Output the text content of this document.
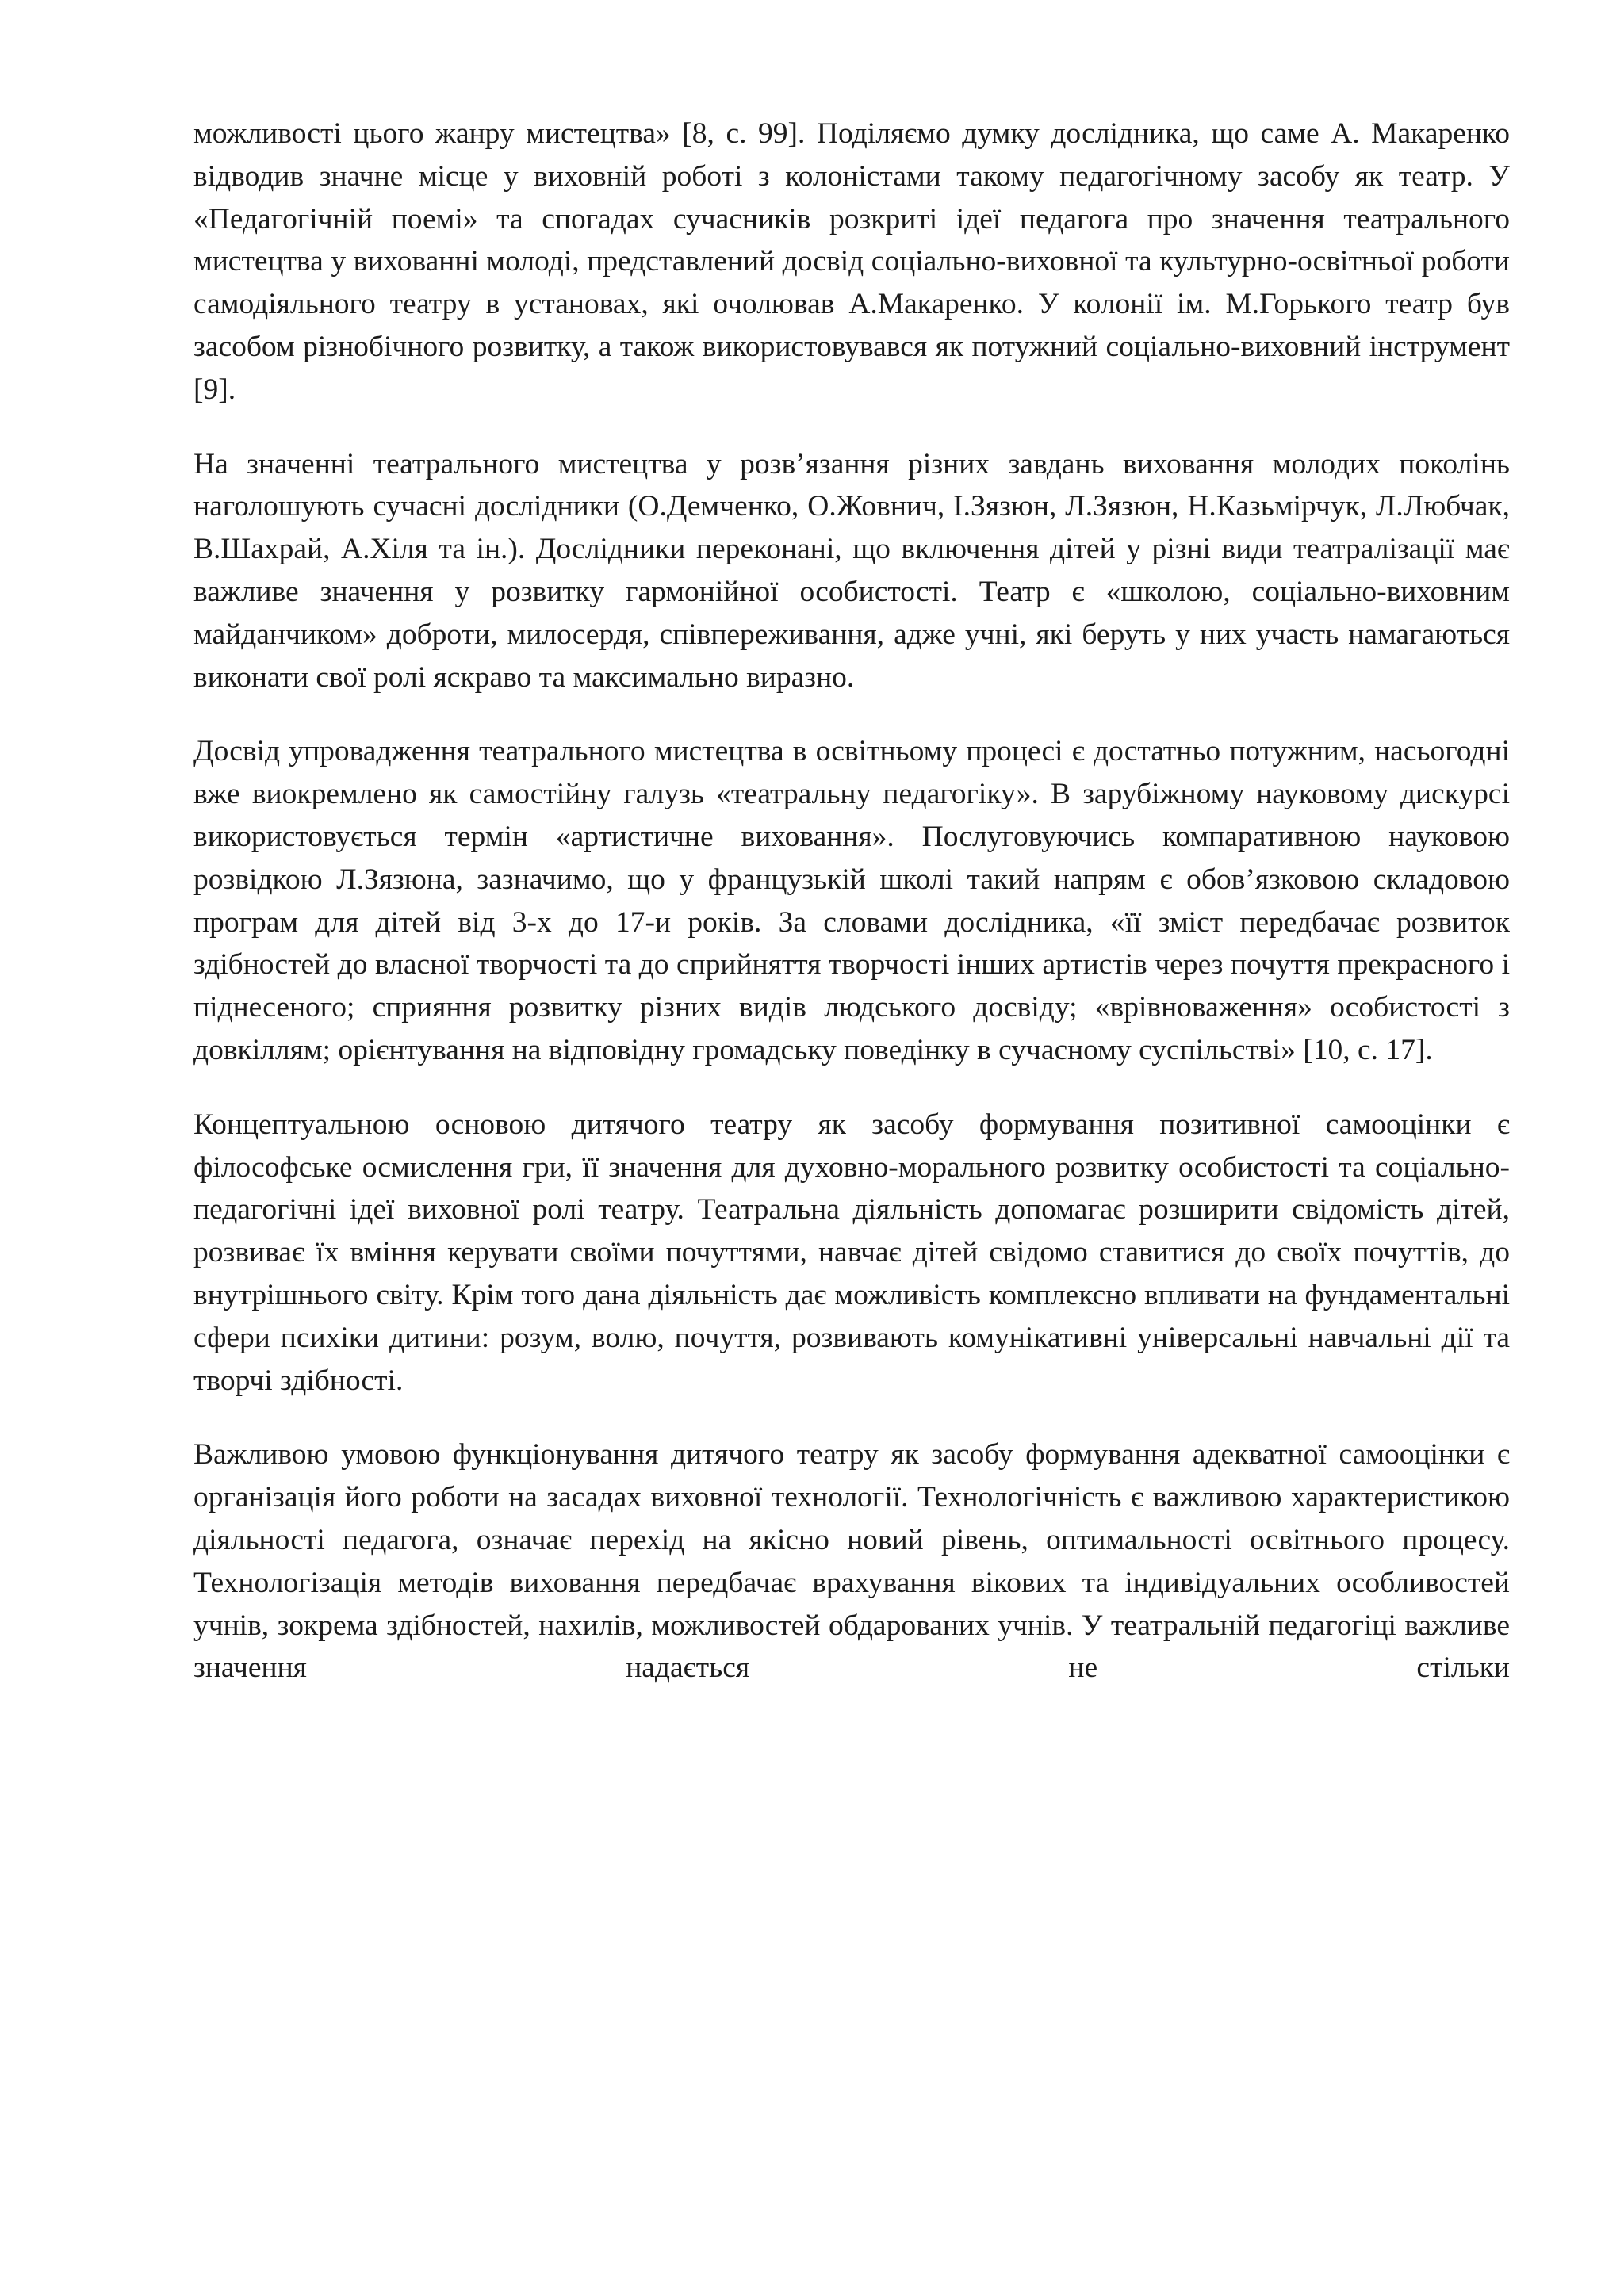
можливості цього жанру мистецтва» [8, с. 99]. Поділяємо думку дослідника, що саме А. Макаренко відводив значне місце у виховній роботі з колоністами такому педагогічному засобу як театр. У «Педагогічній поемі» та спогадах сучасників розкриті ідеї педагога про значення театрального мистецтва у вихованні молоді, представлений досвід соціально-виховної та культурно-освітньої роботи самодіяльного театру в установах, які очолював А.Макаренко. У колонії ім. М.Горького театр був засобом різнобічного розвитку, а також використовувався як потужний соціально-виховний інструмент [9].

На значенні театрального мистецтва у розв’язання різних завдань виховання молодих поколінь наголошують сучасні дослідники (О.Демченко, О.Жовнич, І.Зязюн, Л.Зязюн, Н.Казьмірчук, Л.Любчак, В.Шахрай, А.Хіля та ін.). Дослідники переконані, що включення дітей у різні види театралізації має важливе значення у розвитку гармонійної особистості. Театр є «школою, соціально-виховним майданчиком» доброти, милосердя, співпереживання, адже учні, які беруть у них участь намагаються виконати свої ролі яскраво та максимально виразно.

Досвід упровадження театрального мистецтва в освітньому процесі є достатньо потужним, насьогодні вже виокремлено як самостійну галузь «театральну педагогіку». В зарубіжному науковому дискурсі використовується термін «артистичне виховання». Послуговуючись компаративною науковою розвідкою Л.Зязюна, зазначимо, що у французькій школі такий напрям є обов’язковою складовою програм для дітей від 3-х до 17-и років. За словами дослідника, «її зміст передбачає розвиток здібностей до власної творчості та до сприйняття творчості інших артистів через почуття прекрасного і піднесеного; сприяння розвитку різних видів людського досвіду; «врівноваження» особистості з довкіллям; орієнтування на відповідну громадську поведінку в сучасному суспільстві» [10, с. 17].

Концептуальною основою дитячого театру як засобу формування позитивної самооцінки є філософське осмислення гри, її значення для духовно-морального розвитку особистості та соціально-педагогічні ідеї виховної ролі театру. Театральна діяльність допомагає розширити свідомість дітей, розвиває їх вміння керувати своїми почуттями, навчає дітей свідомо ставитися до своїх почуттів, до внутрішнього світу. Крім того дана діяльність дає можливість комплексно впливати на фундаментальні сфери психіки дитини: розум, волю, почуття, розвивають комунікативні універсальні навчальні дії та творчі здібності.

Важливою умовою функціонування дитячого театру як засобу формування адекватної самооцінки є організація його роботи на засадах виховної технології. Технологічність є важливою характеристикою діяльності педагога, означає перехід на якісно новий рівень, оптимальності освітнього процесу. Технологізація методів виховання передбачає врахування вікових та індивідуальних особливостей учнів, зокрема здібностей, нахилів, можливостей обдарованих учнів. У театральній педагогіці важливе значення надається не стільки
